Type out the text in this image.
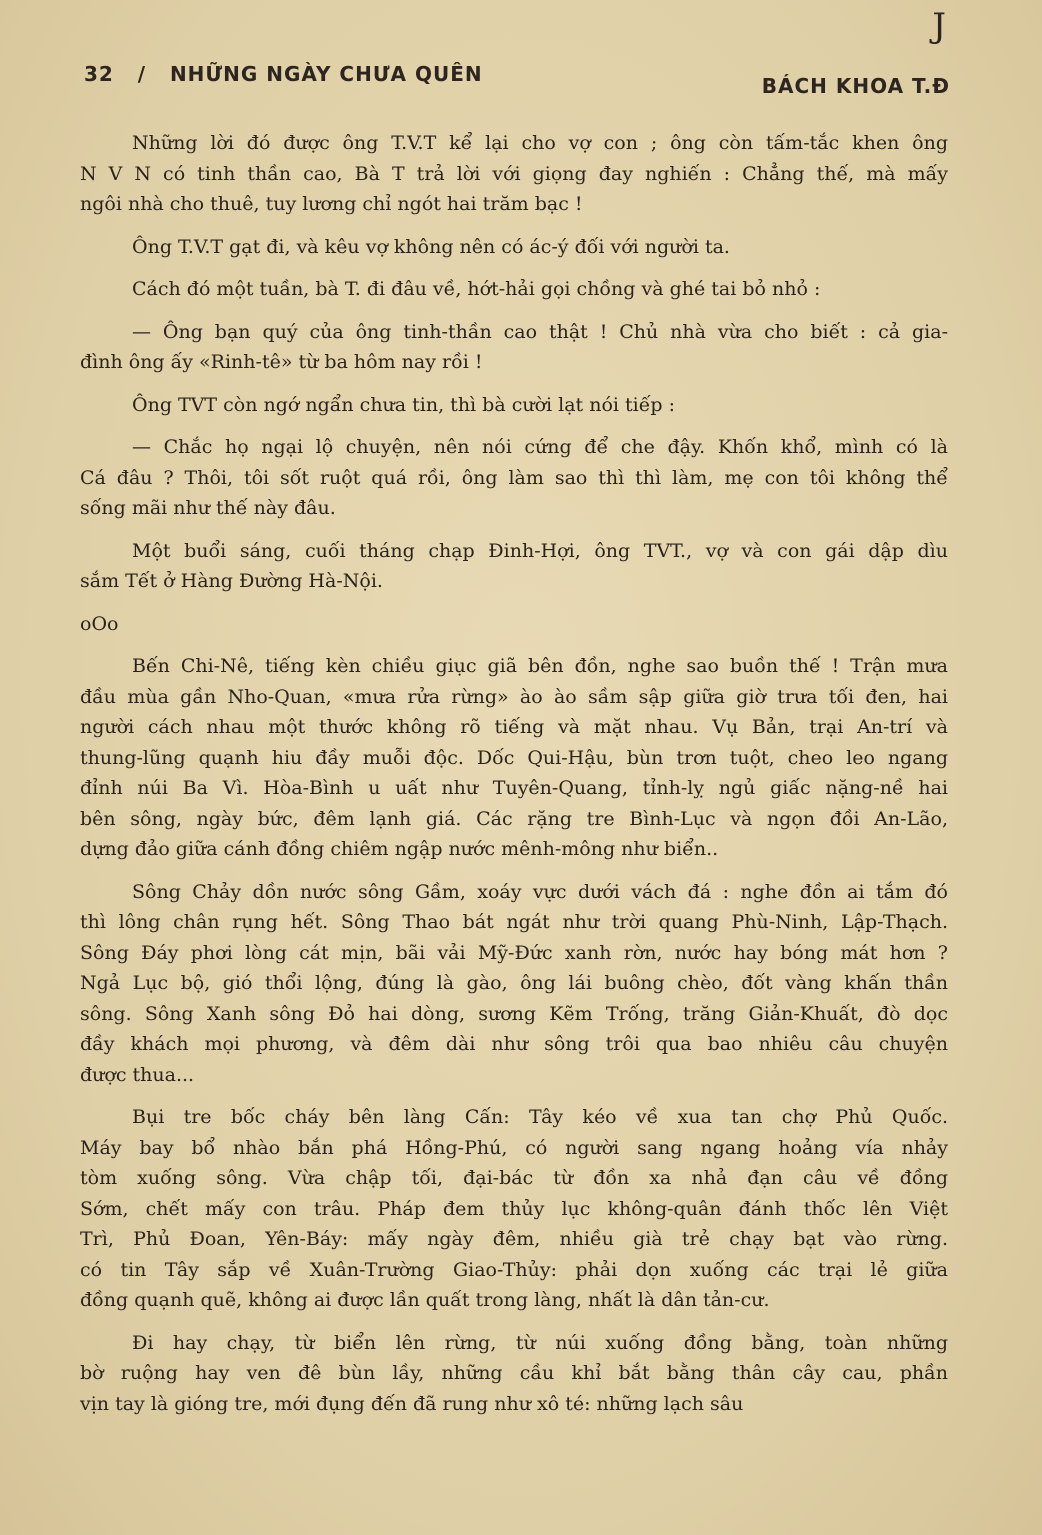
32 / NHỮNG NGÀY CHƯA QUÊN	BÁCH KHOA T.Đ
J

Những lời đó được ông T.V.T kể lại cho vợ con ; ông còn tấm-tắc khen ông
N V N có tinh thần cao, Bà T trả lời với giọng đay nghiến : Chẳng thế, mà mấy
ngôi nhà cho thuê, tuy lương chỉ ngót hai trăm bạc !

Ông T.V.T gạt đi, và kêu vợ không nên có ác-ý đối với người ta.

Cách đó một tuần, bà T. đi đâu về, hớt-hải gọi chồng và ghé tai bỏ nhỏ :

— Ông bạn quý của ông tinh-thần cao thật ! Chủ nhà vừa cho biết : cả gia-
đình ông ấy «Rinh-tê» từ ba hôm nay rồi !

Ông TVT còn ngớ ngẩn chưa tin, thì bà cười lạt nói tiếp :

— Chắc họ ngại lộ chuyện, nên nói cứng để che đậy. Khốn khổ, mình có là
Cá đâu ? Thôi, tôi sốt ruột quá rồi, ông làm sao thì thì làm, mẹ con tôi không thể
sống mãi như thế này đâu.

Một buổi sáng, cuối tháng chạp Đinh-Hợi, ông TVT., vợ và con gái dập dìu
sắm Tết ở Hàng Đường Hà-Nội.

oOo

Bến Chi-Nê, tiếng kèn chiều giục giã bên đồn, nghe sao buồn thế ! Trận mưa
đầu mùa gần Nho-Quan, «mưa rửa rừng» ào ào sầm sập giữa giờ trưa tối đen, hai
người cách nhau một thước không rõ tiếng và mặt nhau. Vụ Bản, trại An-trí và
thung-lũng quạnh hiu đầy muỗi độc. Dốc Qui-Hậu, bùn trơn tuột, cheo leo ngang
đỉnh núi Ba Vì. Hòa-Bình u uất như Tuyên-Quang, tỉnh-lỵ ngủ giấc nặng-nề hai
bên sông, ngày bức, đêm lạnh giá. Các rặng tre Bình-Lục và ngọn đồi An-Lão,
dựng đảo giữa cánh đồng chiêm ngập nước mênh-mông như biển..

Sông Chảy dồn nước sông Gầm, xoáy vực dưới vách đá : nghe đồn ai tắm đó
thì lông chân rụng hết. Sông Thao bát ngát như trời quang Phù-Ninh, Lập-Thạch.
Sông Đáy phơi lòng cát mịn, bãi vải Mỹ-Đức xanh rờn, nước hay bóng mát hơn ?
Ngả Lục bộ, gió thổi lộng, đúng là gào, ông lái buông chèo, đốt vàng khấn thần
sông. Sông Xanh sông Đỏ hai dòng, sương Kẽm Trống, trăng Giản-Khuất, đò dọc
đầy khách mọi phương, và đêm dài như sông trôi qua bao nhiêu câu chuyện
được thua...

Bụi tre bốc cháy bên làng Cấn: Tây kéo về xua tan chợ Phủ Quốc.
Máy bay bổ nhào bắn phá Hồng-Phú, có người sang ngang hoảng vía nhảy
tòm xuống sông. Vừa chập tối, đại-bác từ đồn xa nhả đạn câu về đồng
Sớm, chết mấy con trâu. Pháp đem thủy lục không-quân đánh thốc lên Việt
Trì, Phủ Đoan, Yên-Báy: mấy ngày đêm, nhiều già trẻ chạy bạt vào rừng.
có tin Tây sắp về Xuân-Trường Giao-Thủy: phải dọn xuống các trại lẻ giữa
đồng quạnh quẽ, không ai được lần quất trong làng, nhất là dân tản-cư.

Đi hay chạy, từ biển lên rừng, từ núi xuống đồng bằng, toàn những
bờ ruộng hay ven đê bùn lầy, những cầu khỉ bắt bằng thân cây cau, phần
vịn tay là gióng tre, mới đụng đến đã rung như xô té: những lạch sâu
